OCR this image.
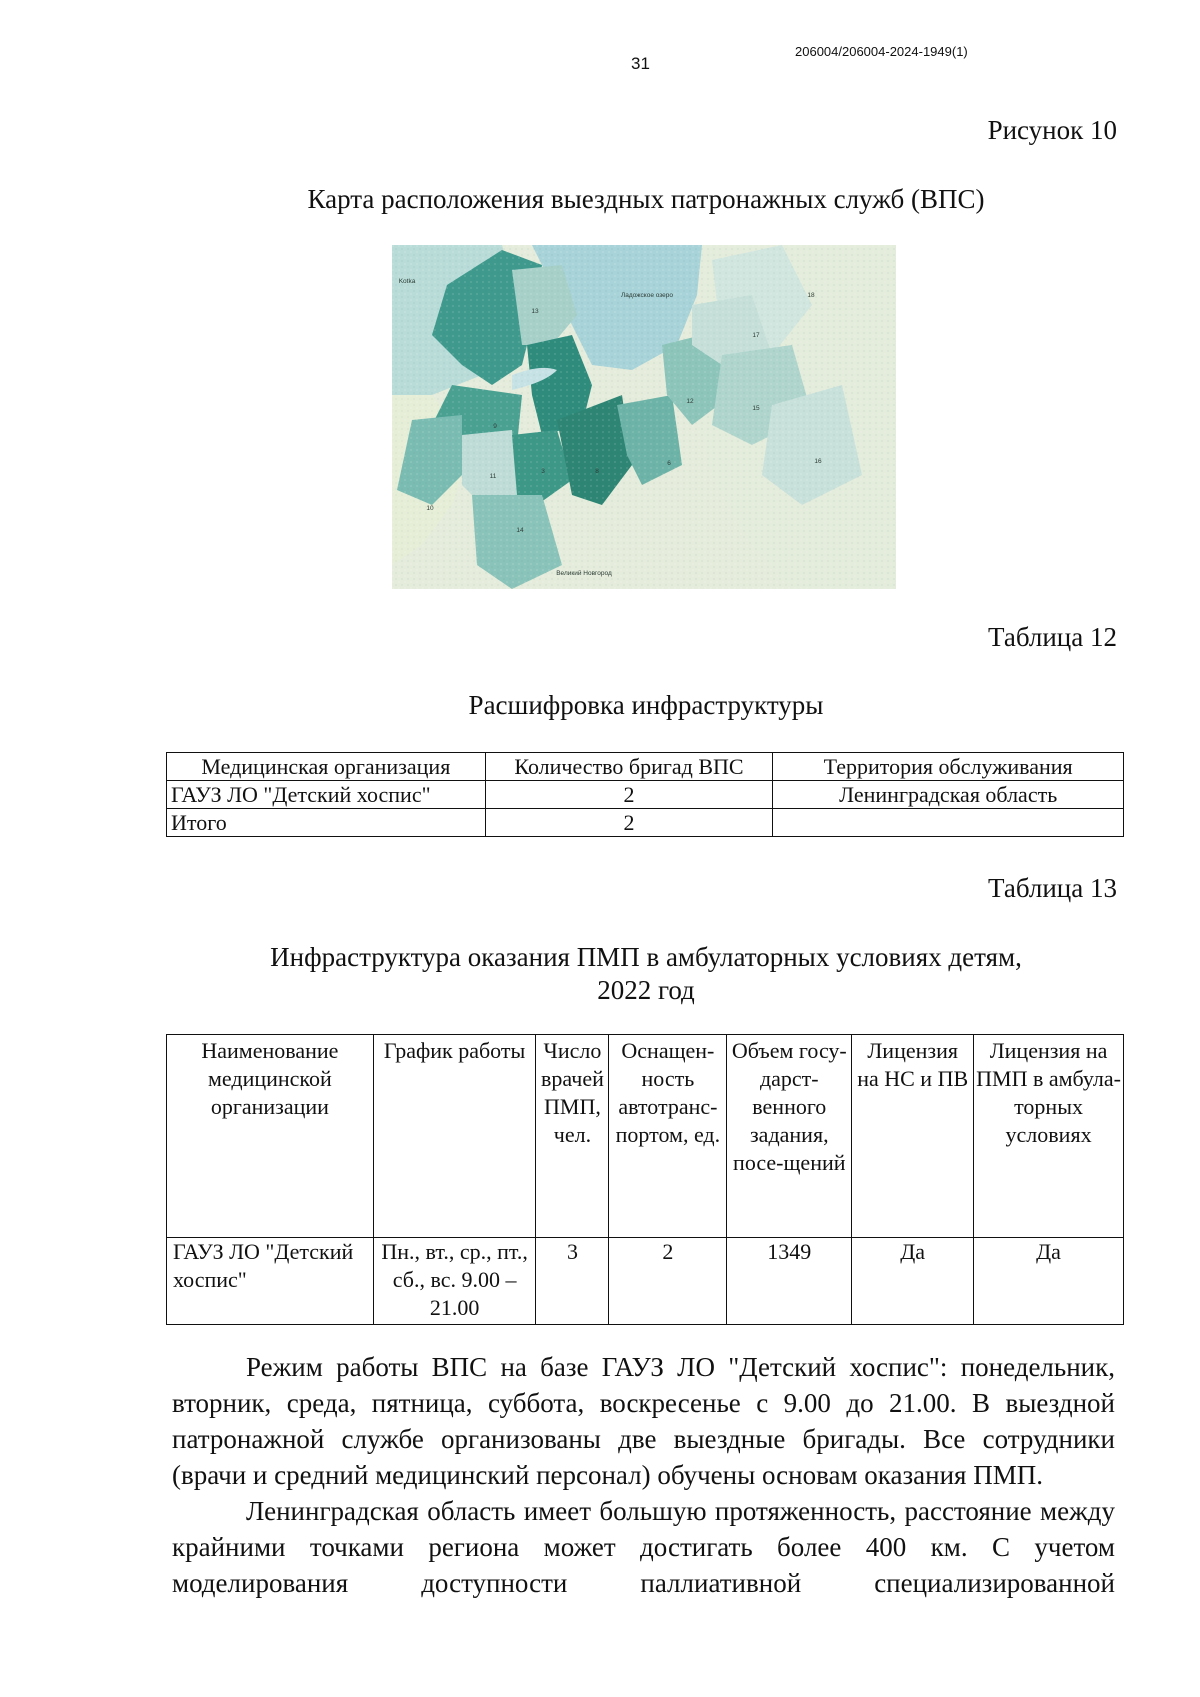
31
206004/206004-2024-1949(1)
Рисунок 10
Карта расположения выездных патронажных служб (ВПС)
Ладожское озеро
Великий Новгород
Kotka
13
18
17
12
15
16
9
11
3	8
6
10
14
Таблица 12
Расшифровка инфраструктуры
Медицинская организация	Количество бригад ВПС	Территория обслуживания
ГАУЗ ЛО "Детский хоспис"	2	Ленинградская область
Итого	2	
Таблица 13
Инфраструктура оказания ПМП в амбулаторных условиях детям,
2022 год
Наименование медицинской организации	График работы	Число врачей ПМП, чел.	Оснащен-ность автотранс-портом, ед.	Объем госу-дарст-венного задания, посе-щений	Лицензия на НС и ПВ	Лицензия на ПМП в амбула-торных условиях
ГАУЗ ЛО "Детский хоспис"	Пн., вт., ср., пт., сб., вс. 9.00 – 21.00	3	2	1349	Да	Да

Режим работы ВПС на базе ГАУЗ ЛО "Детский хоспис": понедельник, вторник, среда, пятница, суббота, воскресенье с 9.00 до 21.00. В выездной патронажной службе организованы две выездные бригады. Все сотрудники (врачи и средний медицинский персонал) обучены основам оказания ПМП.

Ленинградская область имеет большую протяженность, расстояние между крайними точками региона может достигать более 400 км. С учетом моделирования доступности паллиативной специализированной
